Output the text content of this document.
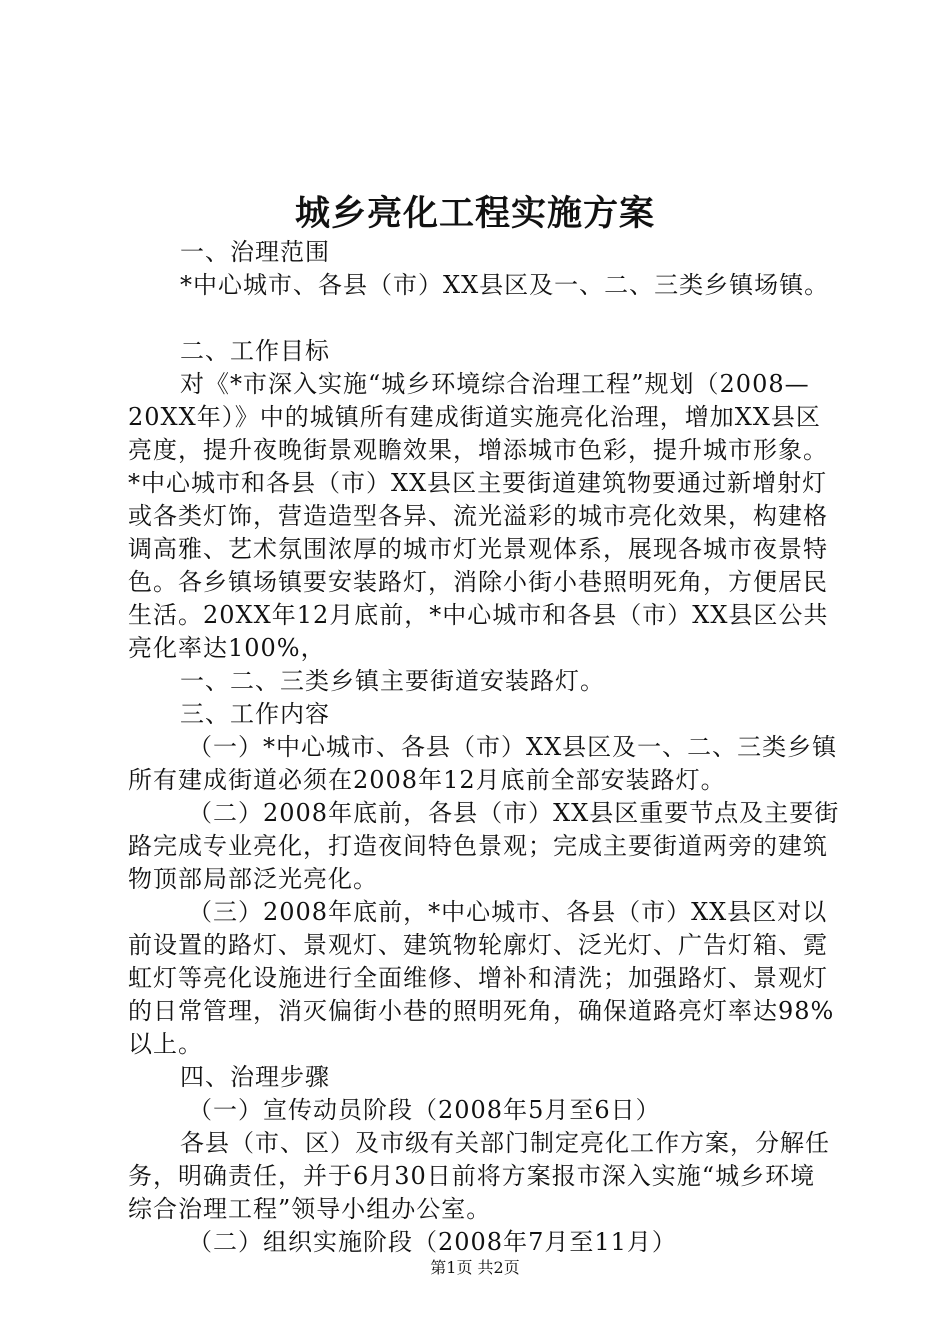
城乡亮化工程实施方案

一、治理范围

*中心城市、各县（市）XX县区及一、二、三类乡镇场镇。

二、工作目标

对《*市深入实施“城乡环境综合治理工程”规划（2008—20XX年）》中的城镇所有建成街道实施亮化治理，增加XX县区亮度，提升夜晚街景观瞻效果，增添城市色彩，提升城市形象。*中心城市和各县（市）XX县区主要街道建筑物要通过新增射灯或各类灯饰，营造造型各异、流光溢彩的城市亮化效果，构建格调高雅、艺术氛围浓厚的城市灯光景观体系，展现各城市夜景特色。各乡镇场镇要安装路灯，消除小街小巷照明死角，方便居民生活。20XX年12月底前，*中心城市和各县（市）XX县区公共亮化率达100%，

一、二、三类乡镇主要街道安装路灯。

三、工作内容

（一）*中心城市、各县（市）XX县区及一、二、三类乡镇所有建成街道必须在2008年12月底前全部安装路灯。

（二）2008年底前，各县（市）XX县区重要节点及主要街路完成专业亮化，打造夜间特色景观；完成主要街道两旁的建筑物顶部局部泛光亮化。

（三）2008年底前，*中心城市、各县（市）XX县区对以前设置的路灯、景观灯、建筑物轮廓灯、泛光灯、广告灯箱、霓虹灯等亮化设施进行全面维修、增补和清洗；加强路灯、景观灯的日常管理，消灭偏街小巷的照明死角，确保道路亮灯率达98%以上。

四、治理步骤

（一）宣传动员阶段（2008年5月至6日）

各县（市、区）及市级有关部门制定亮化工作方案，分解任务，明确责任，并于6月30日前将方案报市深入实施“城乡环境综合治理工程”领导小组办公室。

（二）组织实施阶段（2008年7月至11月）

第1页 共2页
